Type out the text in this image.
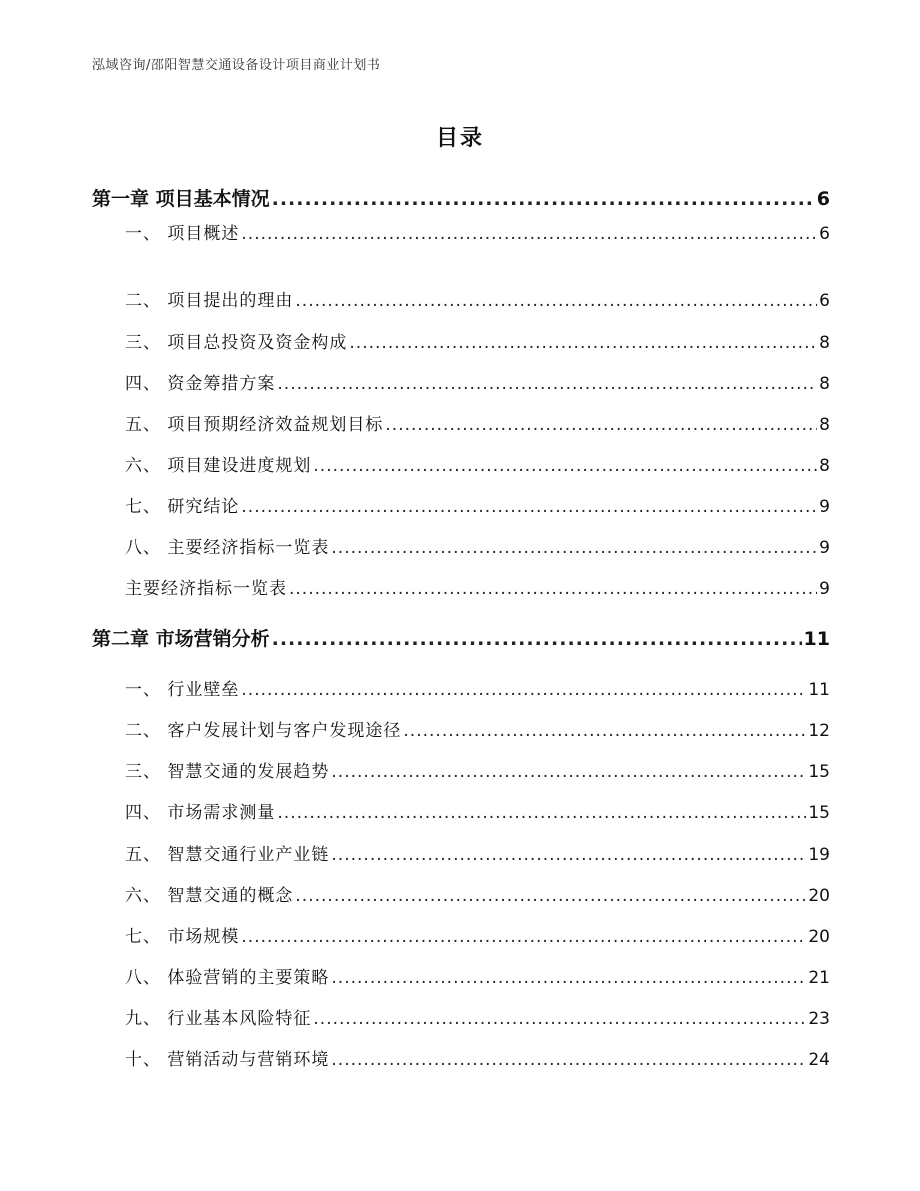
泓域咨询/邵阳智慧交通设备设计项目商业计划书
目录
第一章 项目基本情况 .....	6
一、 项目概述 .....	6
二、 项目提出的理由 .....	6
三、 项目总投资及资金构成 .....	8
四、 资金筹措方案 .....	8
五、 项目预期经济效益规划目标 .....	8
六、 项目建设进度规划 .....	8
七、 研究结论 .....	9
八、 主要经济指标一览表 .....	9
主要经济指标一览表 .....	9
第二章 市场营销分析 .....	11
一、 行业壁垒 .....	11
二、 客户发展计划与客户发现途径 .....	12
三、 智慧交通的发展趋势 .....	15
四、 市场需求测量 .....	15
五、 智慧交通行业产业链 .....	19
六、 智慧交通的概念 .....	20
七、 市场规模 .....	20
八、 体验营销的主要策略 .....	21
九、 行业基本风险特征 .....	23
十、 营销活动与营销环境 .....	24
